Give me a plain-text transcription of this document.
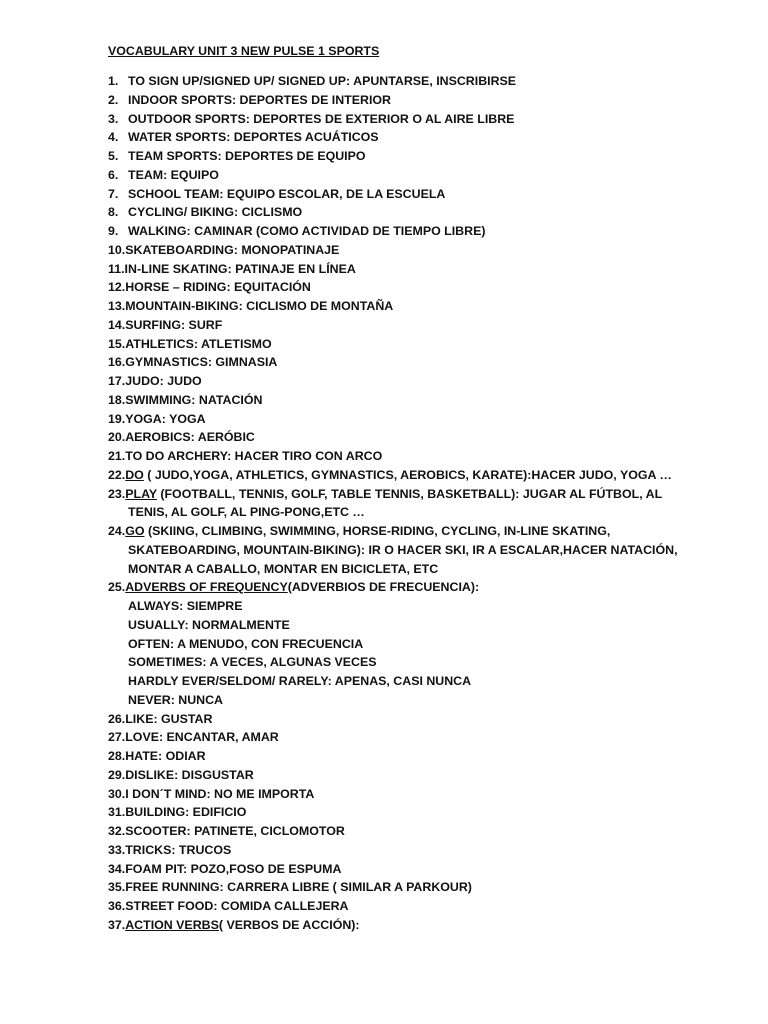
VOCABULARY UNIT 3 NEW PULSE 1 SPORTS
1. TO SIGN UP/SIGNED UP/ SIGNED UP: APUNTARSE, INSCRIBIRSE
2. INDOOR SPORTS: DEPORTES DE INTERIOR
3. OUTDOOR SPORTS: DEPORTES DE EXTERIOR O AL AIRE LIBRE
4. WATER SPORTS: DEPORTES ACUÁTICOS
5. TEAM SPORTS: DEPORTES DE EQUIPO
6. TEAM: EQUIPO
7. SCHOOL TEAM: EQUIPO ESCOLAR, DE LA ESCUELA
8. CYCLING/ BIKING: CICLISMO
9. WALKING: CAMINAR (COMO ACTIVIDAD DE TIEMPO LIBRE)
10. SKATEBOARDING: MONOPATINAJE
11. IN-LINE SKATING: PATINAJE EN LÍNEA
12. HORSE – RIDING: EQUITACIÓN
13. MOUNTAIN-BIKING: CICLISMO DE MONTAÑA
14. SURFING: SURF
15. ATHLETICS: ATLETISMO
16. GYMNASTICS: GIMNASIA
17. JUDO: JUDO
18. SWIMMING: NATACIÓN
19. YOGA: YOGA
20. AEROBICS: AERÓBIC
21. TO DO ARCHERY: HACER TIRO CON ARCO
22. DO ( JUDO,YOGA, ATHLETICS, GYMNASTICS, AEROBICS, KARATE):HACER JUDO, YOGA …
23. PLAY (FOOTBALL, TENNIS, GOLF, TABLE TENNIS, BASKETBALL): JUGAR AL FÚTBOL, AL
TENIS, AL GOLF, AL PING-PONG,ETC …
24. GO (SKIING, CLIMBING, SWIMMING, HORSE-RIDING, CYCLING, IN-LINE SKATING,
SKATEBOARDING, MOUNTAIN-BIKING): IR O HACER SKI, IR A ESCALAR,HACER NATACIÓN,
MONTAR A CABALLO, MONTAR EN BICICLETA, ETC
25. ADVERBS OF FREQUENCY(ADVERBIOS DE FRECUENCIA):
ALWAYS: SIEMPRE
USUALLY: NORMALMENTE
OFTEN: A MENUDO, CON FRECUENCIA
SOMETIMES: A VECES, ALGUNAS VECES
HARDLY EVER/SELDOM/ RARELY: APENAS, CASI NUNCA
NEVER: NUNCA
26. LIKE: GUSTAR
27. LOVE: ENCANTAR, AMAR
28. HATE: ODIAR
29. DISLIKE: DISGUSTAR
30. I DON´T MIND: NO ME IMPORTA
31. BUILDING: EDIFICIO
32. SCOOTER: PATINETE, CICLOMOTOR
33. TRICKS: TRUCOS
34. FOAM PIT: POZO,FOSO DE ESPUMA
35. FREE RUNNING: CARRERA LIBRE ( SIMILAR A PARKOUR)
36. STREET FOOD: COMIDA CALLEJERA
37. ACTION VERBS( VERBOS DE ACCIÓN):
